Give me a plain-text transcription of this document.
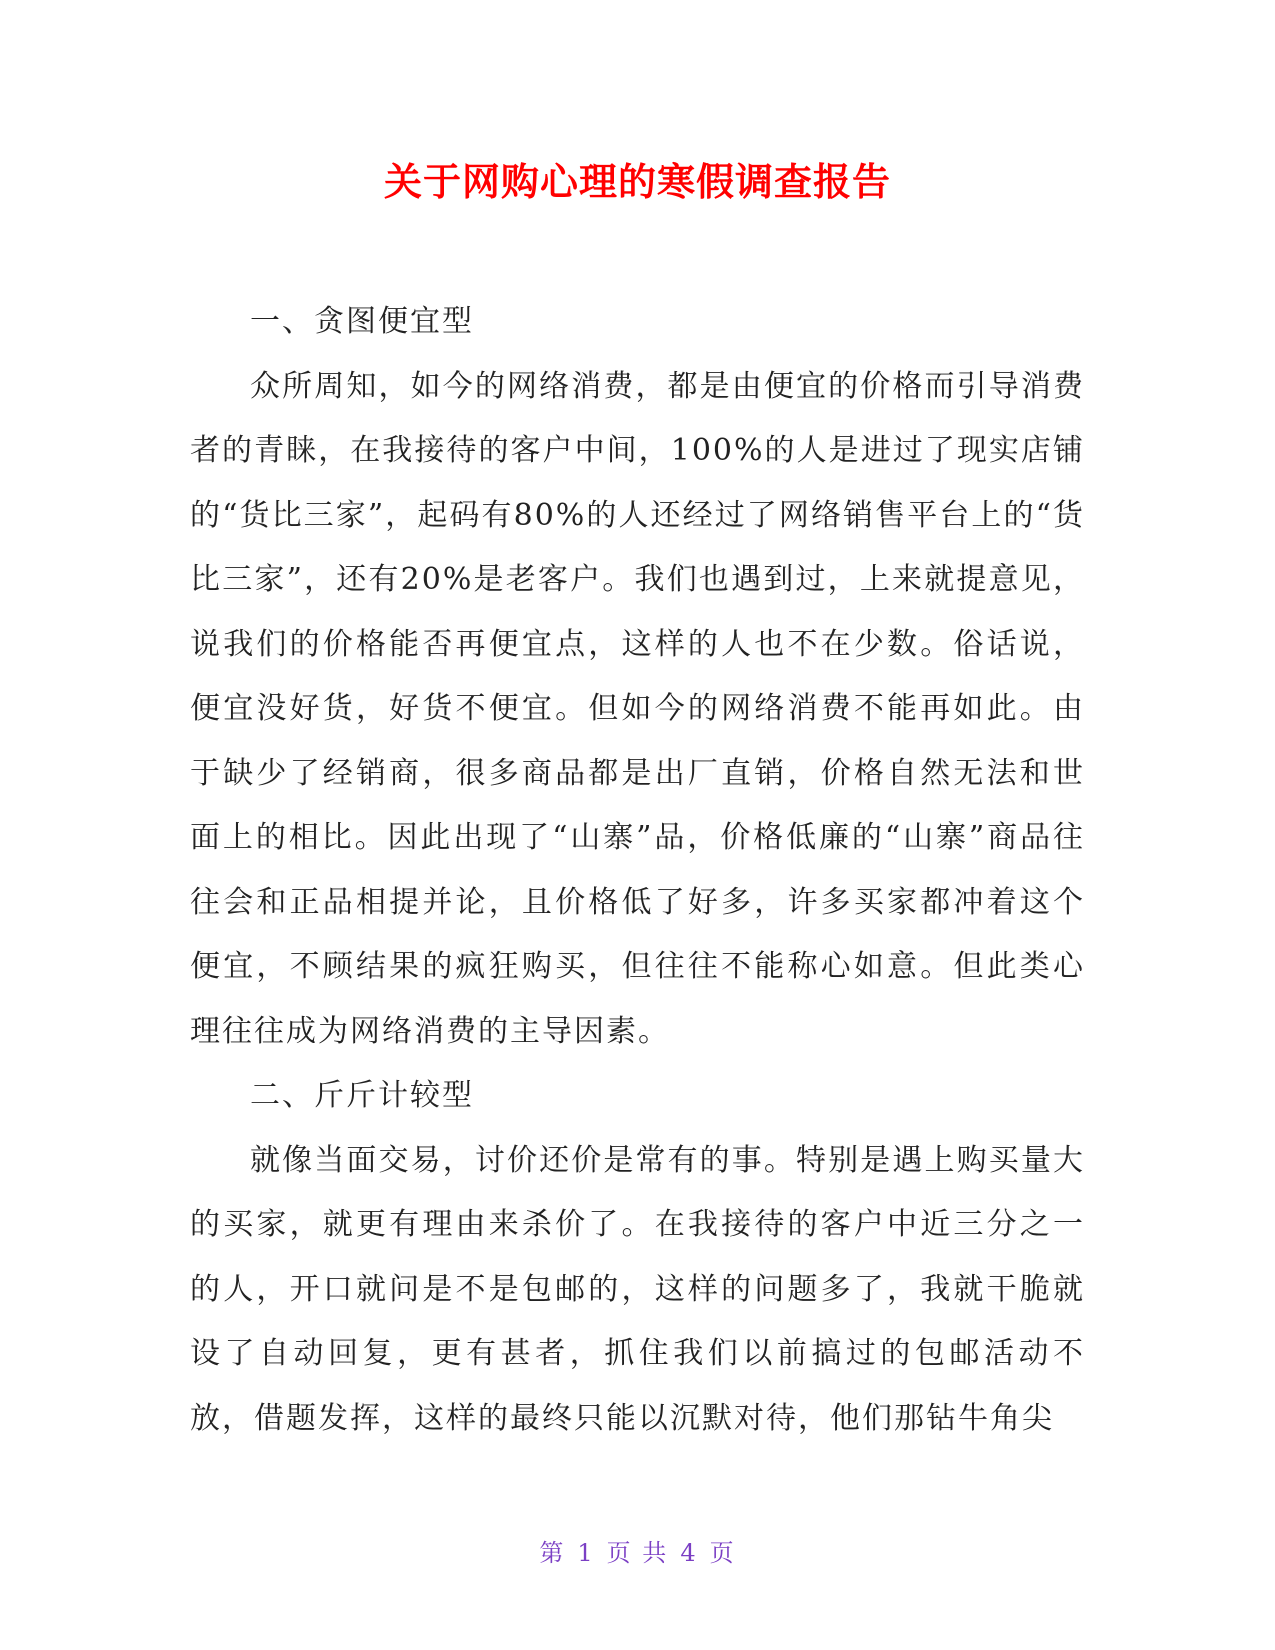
关于网购心理的寒假调查报告

一、贪图便宜型

众所周知，如今的网络消费，都是由便宜的价格而引导消费者的青睐，在我接待的客户中间，100%的人是进过了现实店铺的“货比三家”，起码有80%的人还经过了网络销售平台上的“货比三家”，还有20%是老客户。我们也遇到过，上来就提意见，说我们的价格能否再便宜点，这样的人也不在少数。俗话说，便宜没好货，好货不便宜。但如今的网络消费不能再如此。由于缺少了经销商，很多商品都是出厂直销，价格自然无法和世面上的相比。因此出现了“山寨”品，价格低廉的“山寨”商品往往会和正品相提并论，且价格低了好多，许多买家都冲着这个便宜，不顾结果的疯狂购买，但往往不能称心如意。但此类心理往往成为网络消费的主导因素。

二、斤斤计较型

就像当面交易，讨价还价是常有的事。特别是遇上购买量大的买家，就更有理由来杀价了。在我接待的客户中近三分之一的人，开口就问是不是包邮的，这样的问题多了，我就干脆就设了自动回复，更有甚者，抓住我们以前搞过的包邮活动不放，借题发挥，这样的最终只能以沉默对待，他们那钻牛角尖

第 1 页 共 4 页
